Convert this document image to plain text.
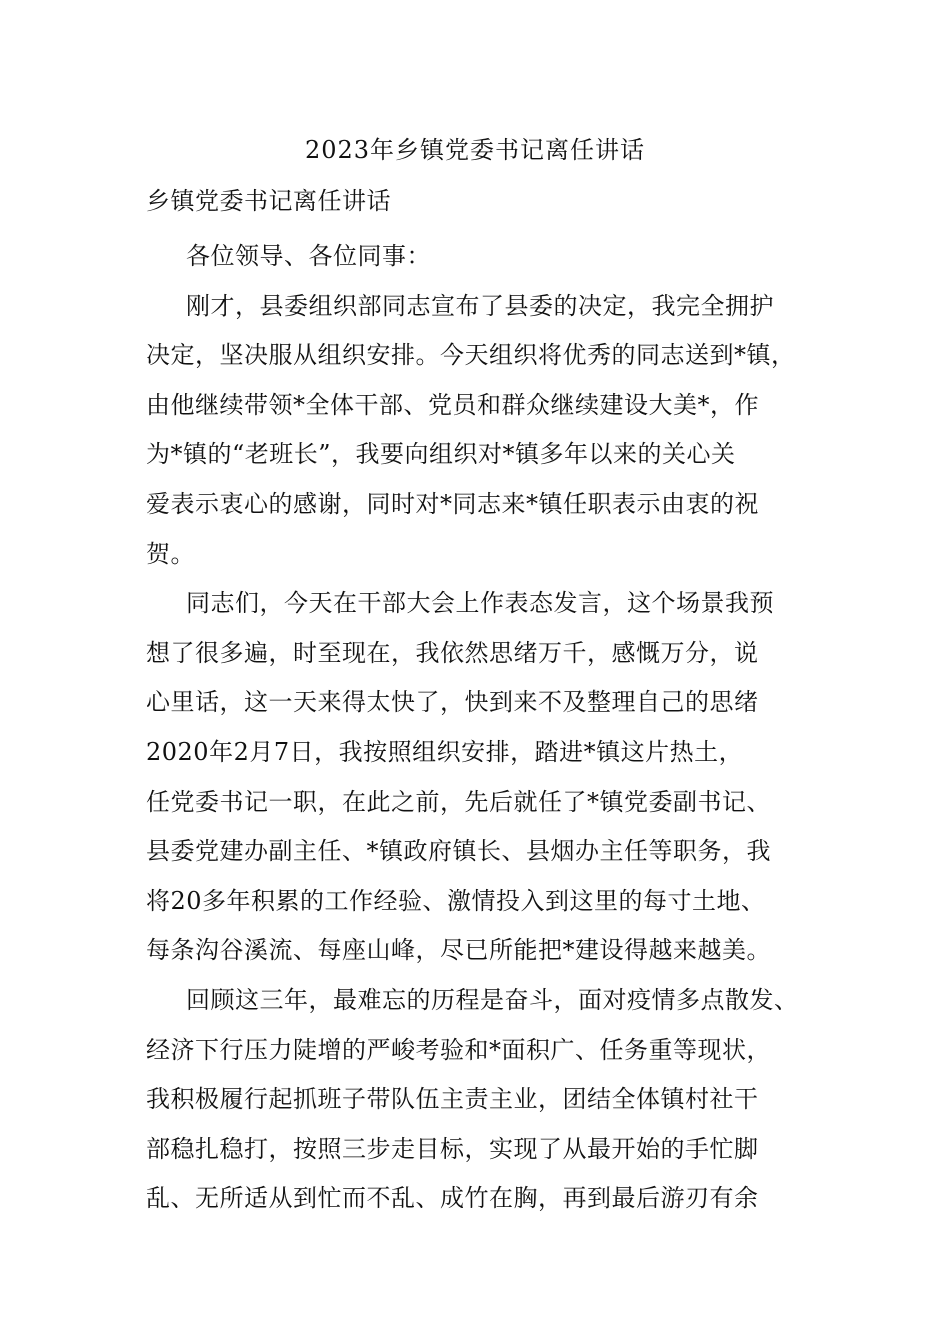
2023年乡镇党委书记离任讲话
乡镇党委书记离任讲话

各位领导、各位同事：

刚才，县委组织部同志宣布了县委的决定，我完全拥护
决定，坚决服从组织安排。今天组织将优秀的同志送到*镇，
由他继续带领*全体干部、党员和群众继续建设大美*，作
为*镇的“老班长”，我要向组织对*镇多年以来的关心关
爱表示衷心的感谢，同时对*同志来*镇任职表示由衷的祝
贺。

同志们，今天在干部大会上作表态发言，这个场景我预
想了很多遍，时至现在，我依然思绪万千，感慨万分，说
心里话，这一天来得太快了，快到来不及整理自己的思绪
2020年2月7日，我按照组织安排，踏进*镇这片热土，
任党委书记一职，在此之前，先后就任了*镇党委副书记、
县委党建办副主任、*镇政府镇长、县烟办主任等职务，我
将20多年积累的工作经验、激情投入到这里的每寸土地、
每条沟谷溪流、每座山峰，尽已所能把*建设得越来越美。

回顾这三年，最难忘的历程是奋斗，面对疫情多点散发、
经济下行压力陡增的严峻考验和*面积广、任务重等现状，
我积极履行起抓班子带队伍主责主业，团结全体镇村社干
部稳扎稳打，按照三步走目标，实现了从最开始的手忙脚
乱、无所适从到忙而不乱、成竹在胸，再到最后游刃有余
